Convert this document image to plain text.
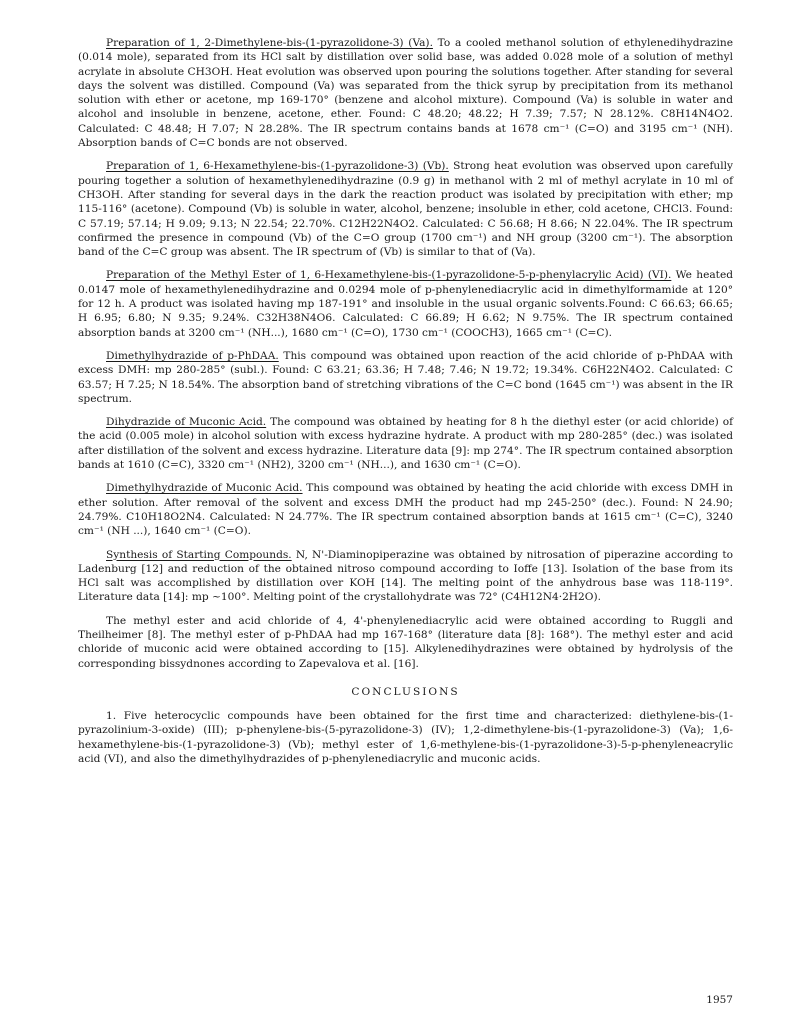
Preparation of 1, 2-Dimethylene-bis-(1-pyrazolidone-3) (Va). To a cooled methanol solution of ethylenedihydrazine (0.014 mole), separated from its HCl salt by distillation over solid base, was added 0.028 mole of a solution of methyl acrylate in absolute CH3OH. Heat evolution was observed upon pouring the solutions together. After standing for several days the solvent was distilled. Compound (Va) was separated from the thick syrup by precipitation from its methanol solution with ether or acetone, mp 169-170° (benzene and alcohol mixture). Compound (Va) is soluble in water and alcohol and insoluble in benzene, acetone, ether. Found: C 48.20; 48.22; H 7.39; 7.57; N 28.12%. C8H14N4O2. Calculated: C 48.48; H 7.07; N 28.28%. The IR spectrum contains bands at 1678 cm⁻¹ (C=O) and 3195 cm⁻¹ (NH). Absorption bands of C=C bonds are not observed.

Preparation of 1, 6-Hexamethylene-bis-(1-pyrazolidone-3) (Vb). Strong heat evolution was observed upon carefully pouring together a solution of hexamethylenedihydrazine (0.9 g) in methanol with 2 ml of methyl acrylate in 10 ml of CH3OH. After standing for several days in the dark the reaction product was isolated by precipitation with ether; mp 115-116° (acetone). Compound (Vb) is soluble in water, alcohol, benzene; insoluble in ether, cold acetone, CHCl3. Found: C 57.19; 57.14; H 9.09; 9.13; N 22.54; 22.70%. C12H22N4O2. Calculated: C 56.68; H 8.66; N 22.04%. The IR spectrum confirmed the presence in compound (Vb) of the C=O group (1700 cm⁻¹) and NH group (3200 cm⁻¹). The absorption band of the C=C group was absent. The IR spectrum of (Vb) is similar to that of (Va).

Preparation of the Methyl Ester of 1, 6-Hexamethylene-bis-(1-pyrazolidone-5-p-phenylacrylic Acid) (VI). We heated 0.0147 mole of hexamethylenedihydrazine and 0.0294 mole of p-phenylenediacrylic acid in dimethylformamide at 120° for 12 h. A product was isolated having mp 187-191° and insoluble in the usual organic solvents.Found: C 66.63; 66.65; H 6.95; 6.80; N 9.35; 9.24%. C32H38N4O6. Calculated: C 66.89; H 6.62; N 9.75%. The IR spectrum contained absorption bands at 3200 cm⁻¹ (NH...), 1680 cm⁻¹ (C=O), 1730 cm⁻¹ (COOCH3), 1665 cm⁻¹ (C=C).

Dimethylhydrazide of p-PhDAA. This compound was obtained upon reaction of the acid chloride of p-PhDAA with excess DMH: mp 280-285° (subl.). Found: C 63.21; 63.36; H 7.48; 7.46; N 19.72; 19.34%. C6H22N4O2. Calculated: C 63.57; H 7.25; N 18.54%. The absorption band of stretching vibrations of the C=C bond (1645 cm⁻¹) was absent in the IR spectrum.

Dihydrazide of Muconic Acid. The compound was obtained by heating for 8 h the diethyl ester (or acid chloride) of the acid (0.005 mole) in alcohol solution with excess hydrazine hydrate. A product with mp 280-285° (dec.) was isolated after distillation of the solvent and excess hydrazine. Literature data [9]: mp 274°. The IR spectrum contained absorption bands at 1610 (C=C), 3320 cm⁻¹ (NH2), 3200 cm⁻¹ (NH...), and 1630 cm⁻¹ (C=O).

Dimethylhydrazide of Muconic Acid. This compound was obtained by heating the acid chloride with excess DMH in ether solution. After removal of the solvent and excess DMH the product had mp 245-250° (dec.). Found: N 24.90; 24.79%. C10H18O2N4. Calculated: N 24.77%. The IR spectrum contained absorption bands at 1615 cm⁻¹ (C=C), 3240 cm⁻¹ (NH ...), 1640 cm⁻¹ (C=O).

Synthesis of Starting Compounds. N, N'-Diaminopiperazine was obtained by nitrosation of piperazine according to Ladenburg [12] and reduction of the obtained nitroso compound according to Ioffe [13]. Isolation of the base from its HCl salt was accomplished by distillation over KOH [14]. The melting point of the anhydrous base was 118-119°. Literature data [14]: mp ~100°. Melting point of the crystallohydrate was 72° (C4H12N4·2H2O).

The methyl ester and acid chloride of 4, 4'-phenylenediacrylic acid were obtained according to Ruggli and Theilheimer [8]. The methyl ester of p-PhDAA had mp 167-168° (literature data [8]: 168°). The methyl ester and acid chloride of muconic acid were obtained according to [15]. Alkylenedihydrazines were obtained by hydrolysis of the corresponding bissydnones according to Zapevalova et al. [16].

CONCLUSIONS

1. Five heterocyclic compounds have been obtained for the first time and characterized: diethylene-bis-(1-pyrazolinium-3-oxide) (III); p-phenylene-bis-(5-pyrazolidone-3) (IV); 1,2-dimethylene-bis-(1-pyrazolidone-3) (Va); 1,6-hexamethylene-bis-(1-pyrazolidone-3) (Vb); methyl ester of 1,6-methylene-bis-(1-pyrazolidone-3)-5-p-phenyleneacrylic acid (VI), and also the dimethylhydrazides of p-phenylenediacrylic and muconic acids.

1957
